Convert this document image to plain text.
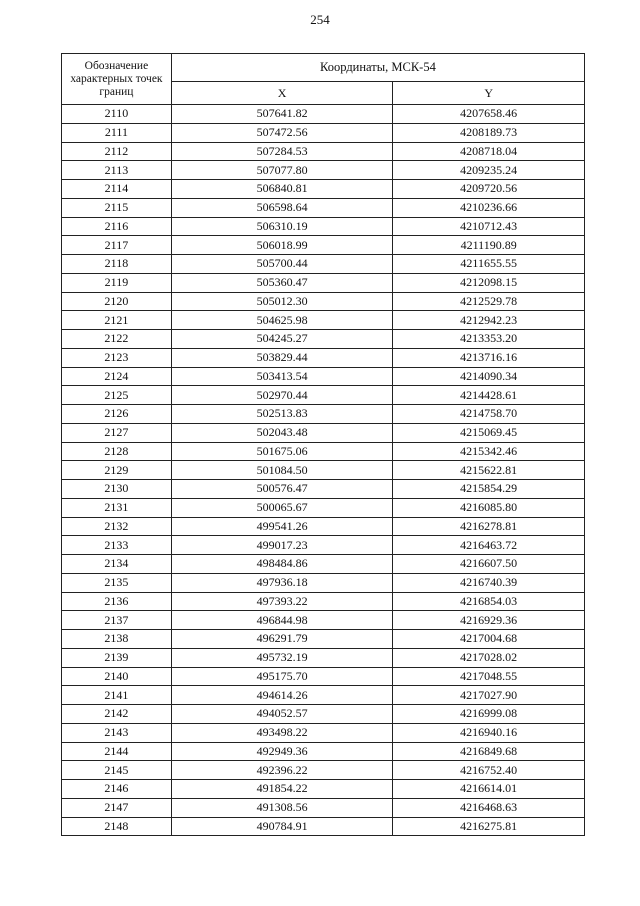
254
Обозначение характерных точек границ	Координаты, МСК-54	
	X	Y
2110	507641.82	4207658.46
2111	507472.56	4208189.73
2112	507284.53	4208718.04
2113	507077.80	4209235.24
2114	506840.81	4209720.56
2115	506598.64	4210236.66
2116	506310.19	4210712.43
2117	506018.99	4211190.89
2118	505700.44	4211655.55
2119	505360.47	4212098.15
2120	505012.30	4212529.78
2121	504625.98	4212942.23
2122	504245.27	4213353.20
2123	503829.44	4213716.16
2124	503413.54	4214090.34
2125	502970.44	4214428.61
2126	502513.83	4214758.70
2127	502043.48	4215069.45
2128	501675.06	4215342.46
2129	501084.50	4215622.81
2130	500576.47	4215854.29
2131	500065.67	4216085.80
2132	499541.26	4216278.81
2133	499017.23	4216463.72
2134	498484.86	4216607.50
2135	497936.18	4216740.39
2136	497393.22	4216854.03
2137	496844.98	4216929.36
2138	496291.79	4217004.68
2139	495732.19	4217028.02
2140	495175.70	4217048.55
2141	494614.26	4217027.90
2142	494052.57	4216999.08
2143	493498.22	4216940.16
2144	492949.36	4216849.68
2145	492396.22	4216752.40
2146	491854.22	4216614.01
2147	491308.56	4216468.63
2148	490784.91	4216275.81
